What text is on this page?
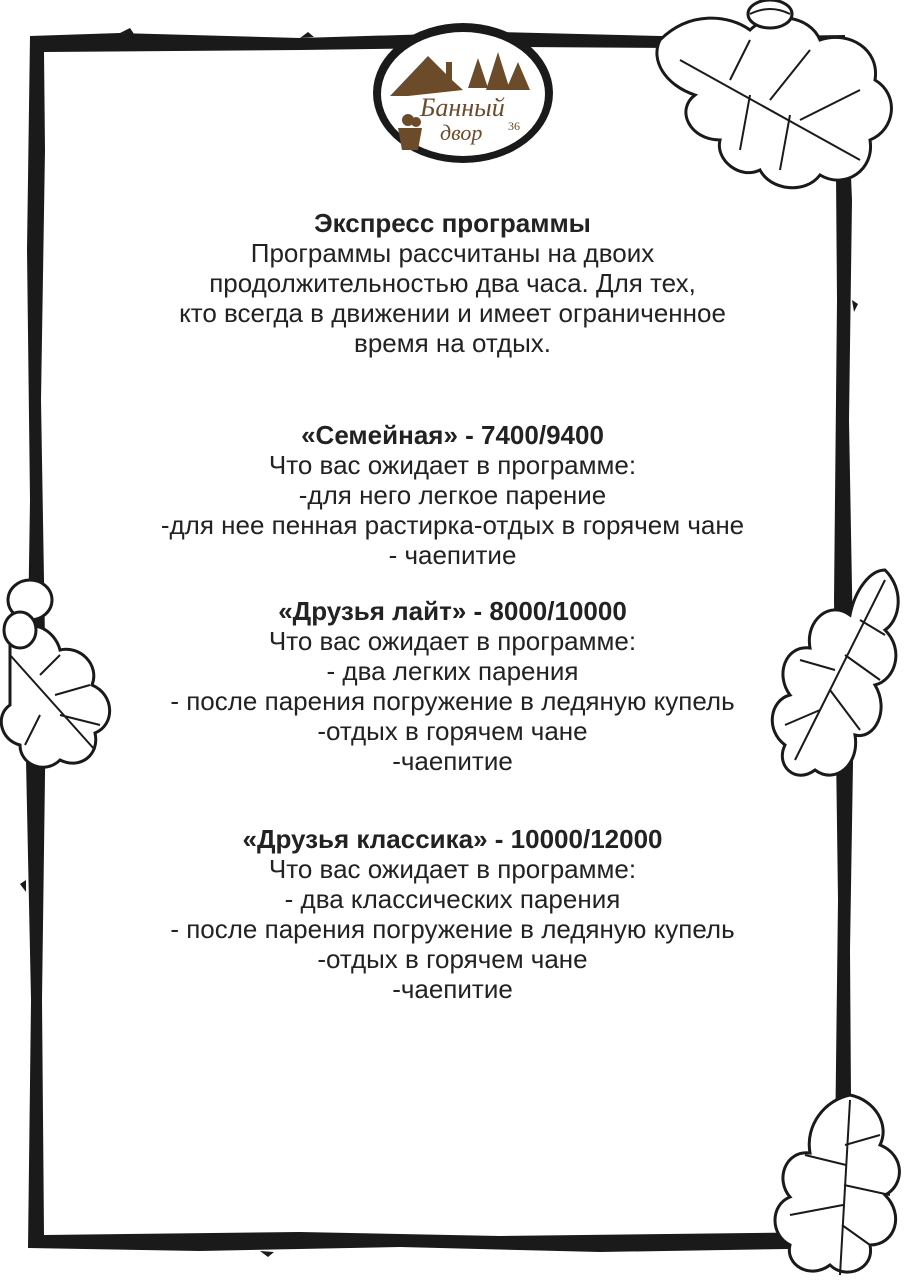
Банный
двор 36
Экспресс программы
Программы рассчитаны на двоих
продолжительностью два часа. Для тех,
кто всегда в движении и имеет ограниченное
время на отдых.
«Семейная» - 7400/9400
Что вас ожидает в программе:
-для него легкое парение
-для нее пенная растирка-отдых в горячем чане
- чаепитие
«Друзья лайт» - 8000/10000
Что вас ожидает в программе:
- два легких парения
- после парения погружение в ледяную купель
-отдых в горячем чане
-чаепитие
«Друзья классика» - 10000/12000
Что вас ожидает в программе:
- два классических парения
- после парения погружение в ледяную купель
-отдых в горячем чане
-чаепитие
